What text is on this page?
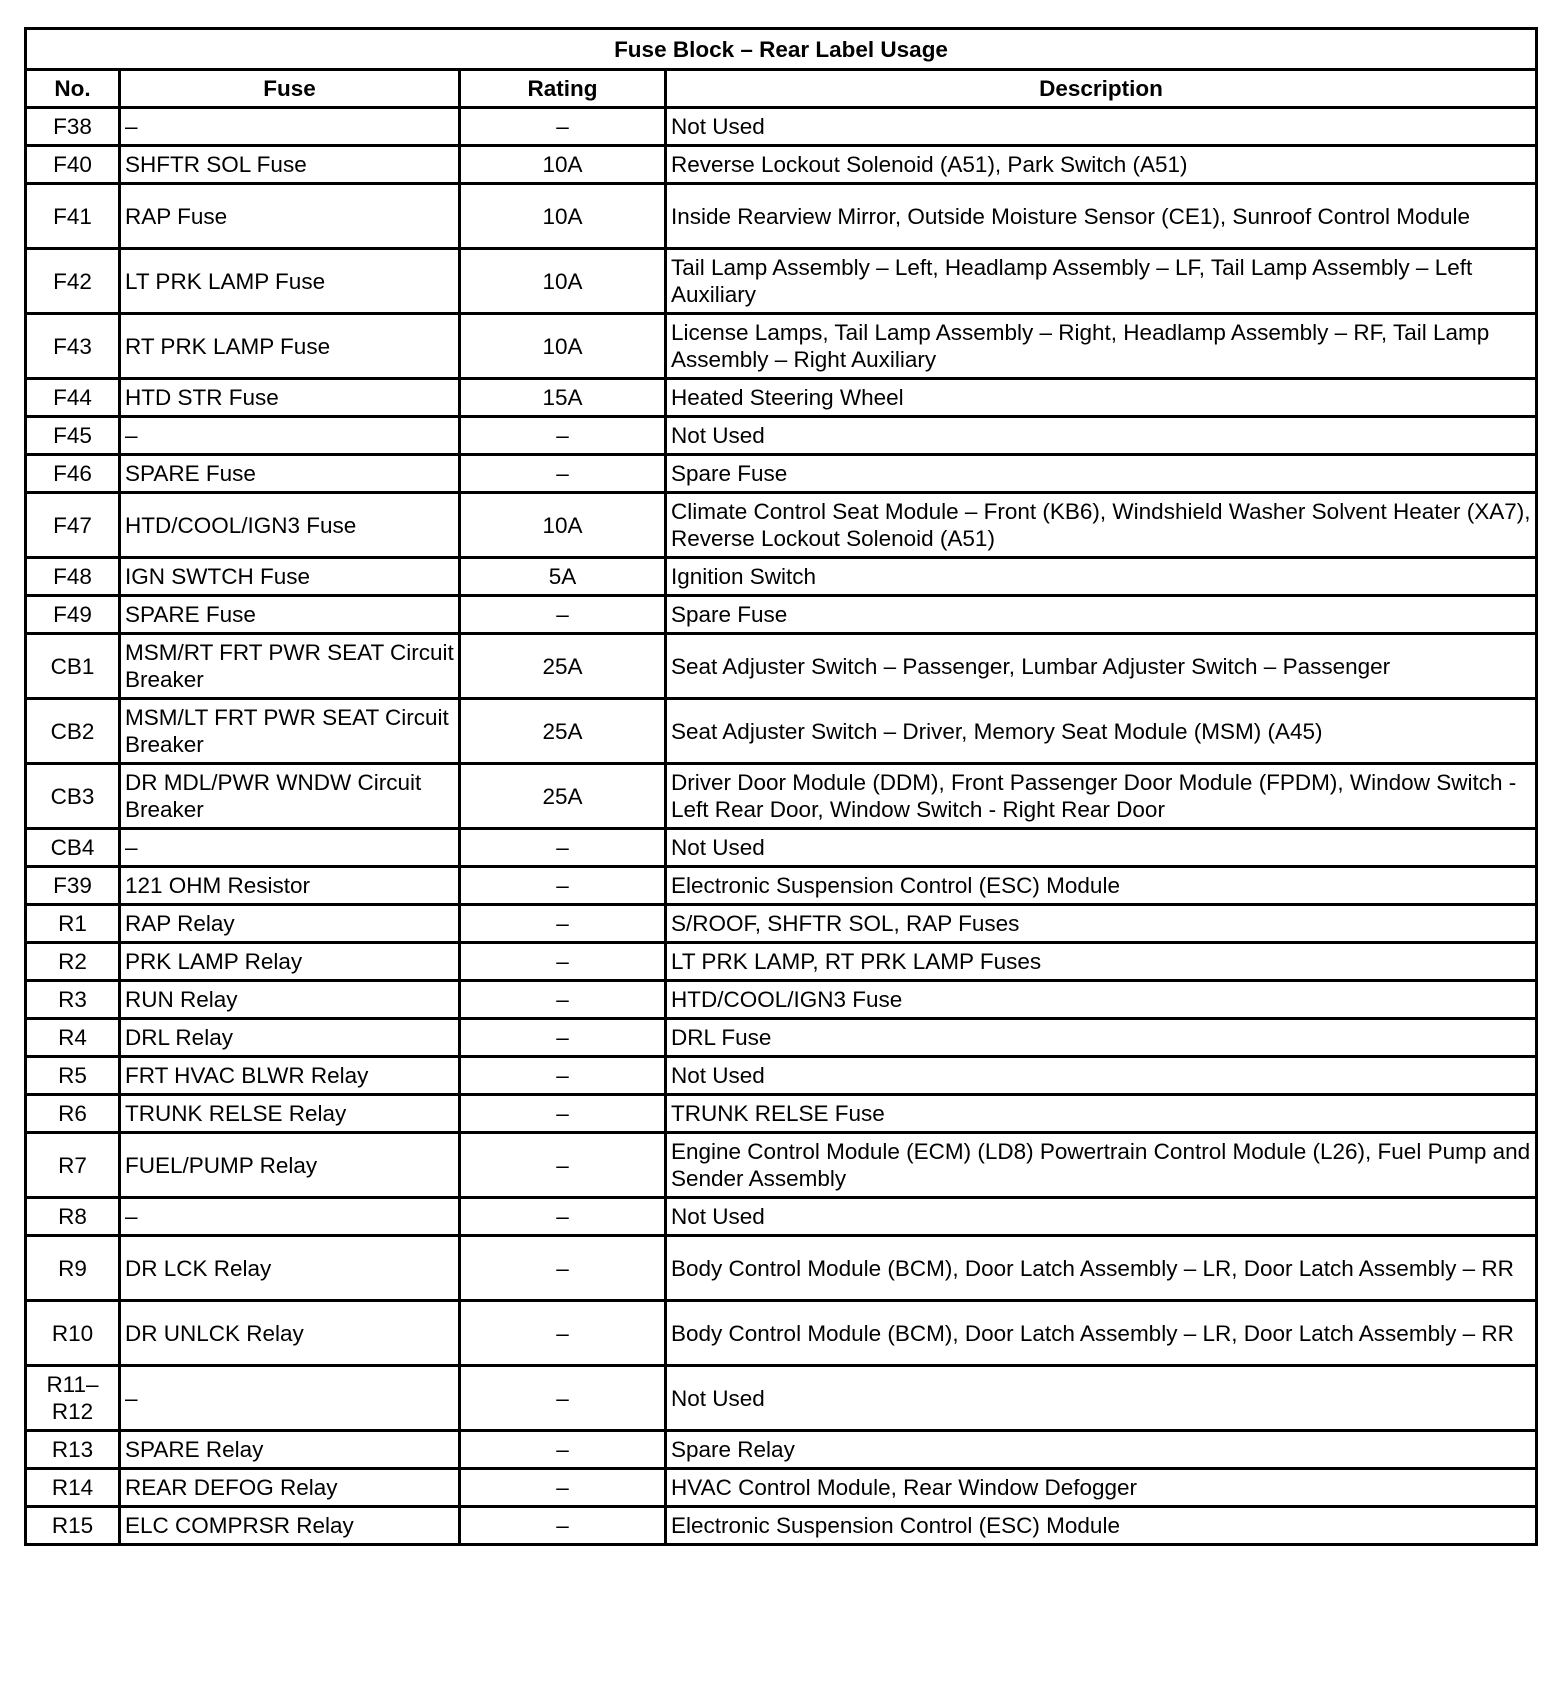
Fuse Block – Rear Label Usage			
No.	Fuse	Rating	Description
F38	–	–	Not Used
F40	SHFTR SOL Fuse	10A	Reverse Lockout Solenoid (A51), Park Switch (A51)
F41	RAP Fuse	10A	Inside Rearview Mirror, Outside Moisture Sensor (CE1), Sunroof Control Module
F42	LT PRK LAMP Fuse	10A	Tail Lamp Assembly – Left, Headlamp Assembly – LF, Tail Lamp Assembly – Left Auxiliary
F43	RT PRK LAMP Fuse	10A	License Lamps, Tail Lamp Assembly – Right, Headlamp Assembly – RF, Tail Lamp Assembly – Right Auxiliary
F44	HTD STR Fuse	15A	Heated Steering Wheel
F45	–	–	Not Used
F46	SPARE Fuse	–	Spare Fuse
F47	HTD/COOL/IGN3 Fuse	10A	Climate Control Seat Module – Front (KB6), Windshield Washer Solvent Heater (XA7), Reverse Lockout Solenoid (A51)
F48	IGN SWTCH Fuse	5A	Ignition Switch
F49	SPARE Fuse	–	Spare Fuse
CB1	MSM/RT FRT PWR SEAT Circuit Breaker	25A	Seat Adjuster Switch – Passenger, Lumbar Adjuster Switch – Passenger
CB2	MSM/LT FRT PWR SEAT Circuit Breaker	25A	Seat Adjuster Switch – Driver, Memory Seat Module (MSM) (A45)
CB3	DR MDL/PWR WNDW Circuit Breaker	25A	Driver Door Module (DDM), Front Passenger Door Module (FPDM), Window Switch - Left Rear Door, Window Switch - Right Rear Door
CB4	–	–	Not Used
F39	121 OHM Resistor	–	Electronic Suspension Control (ESC) Module
R1	RAP Relay	–	S/ROOF, SHFTR SOL, RAP Fuses
R2	PRK LAMP Relay	–	LT PRK LAMP, RT PRK LAMP Fuses
R3	RUN Relay	–	HTD/COOL/IGN3 Fuse
R4	DRL Relay	–	DRL Fuse
R5	FRT HVAC BLWR Relay	–	Not Used
R6	TRUNK RELSE Relay	–	TRUNK RELSE Fuse
R7	FUEL/PUMP Relay	–	Engine Control Module (ECM) (LD8) Powertrain Control Module (L26), Fuel Pump and Sender Assembly
R8	–	–	Not Used
R9	DR LCK Relay	–	Body Control Module (BCM), Door Latch Assembly – LR, Door Latch Assembly – RR
R10	DR UNLCK Relay	–	Body Control Module (BCM), Door Latch Assembly – LR, Door Latch Assembly – RR
R11–R12	–	–	Not Used
R13	SPARE Relay	–	Spare Relay
R14	REAR DEFOG Relay	–	HVAC Control Module, Rear Window Defogger
R15	ELC COMPRSR Relay	–	Electronic Suspension Control (ESC) Module
